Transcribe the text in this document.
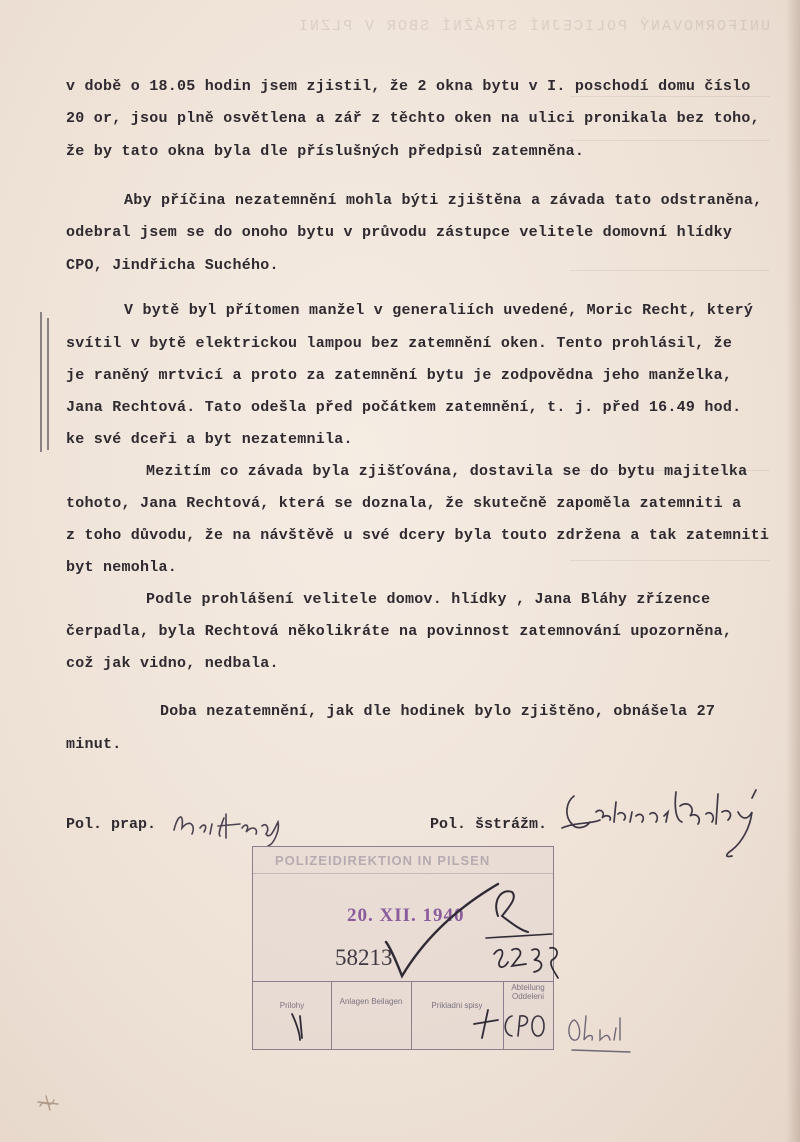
UNIFORMOVANÝ POLICEJNÍ STRÁŽNÍ SBOR V PLZNI
v době o 18.05 hodin jsem zjistil, že 2 okna bytu v I. poschodí domu číslo
20 or, jsou plně osvětlena a zář z těchto oken na ulici pronikala bez toho,
že by tato okna byla dle příslušných předpisů zatemněna.
Aby příčina nezatemnění mohla býti zjištěna a závada tato odstraněna,
odebral jsem se do onoho bytu v průvodu zástupce velitele domovní hlídky
CPO, Jindřicha Suchého.
V bytě byl přítomen manžel v generaliích uvedené, Moric Recht, který
svítil v bytě elektrickou lampou bez zatemnění oken. Tento prohlásil, že
je raněný mrtvicí a proto za zatemnění bytu je zodpovědna jeho manželka,
Jana Rechtová. Tato odešla před počátkem zatemnění, t. j. před 16.49 hod.
ke své dceři a byt nezatemnila.
Mezitím co závada byla zjišťována, dostavila se do bytu majitelka
tohoto, Jana Rechtová, která se doznala, že skutečně zapoměla zatemniti a
z toho důvodu, že na návštěvě u své dcery byla touto zdržena a tak zatemniti
byt nemohla.
Podle prohlášení velitele domov. hlídky , Jana Bláhy zřízence
čerpadla, byla Rechtová několikráte na povinnost zatemnování upozorněna,
což jak vidno, nedbala.
Doba nezatemnění, jak dle hodinek bylo zjištěno, obnášela 27
minut.
Pol. prap.	Pol. šstrážm.
POLIZEIDIREKTION IN PILSEN
20. XII. 1940
58213
Prilohy	Anlagen Beilagen	Prikladni spisy
Abteilung Oddeleni
